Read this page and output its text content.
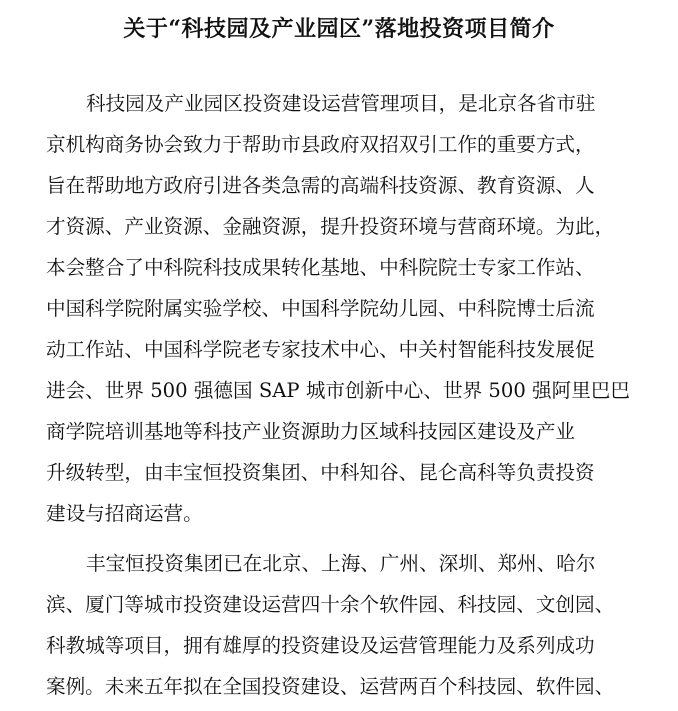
关于“科技园及产业园区”落地投资项目简介
科技园及产业园区投资建设运营管理项目，是北京各省市驻
京机构商务协会致力于帮助市县政府双招双引工作的重要方式，
旨在帮助地方政府引进各类急需的高端科技资源、教育资源、人
才资源、产业资源、金融资源，提升投资环境与营商环境。为此，
本会整合了中科院科技成果转化基地、中科院院士专家工作站、
中国科学院附属实验学校、中国科学院幼儿园、中科院博士后流
动工作站、中国科学院老专家技术中心、中关村智能科技发展促
进会、世界 500 强德国 SAP 城市创新中心、世界 500 强阿里巴巴
商学院培训基地等科技产业资源助力区域科技园区建设及产业
升级转型，由丰宝恒投资集团、中科知谷、昆仑高科等负责投资
建设与招商运营。
丰宝恒投资集团已在北京、上海、广州、深圳、郑州、哈尔
滨、厦门等城市投资建设运营四十余个软件园、科技园、文创园、
科教城等项目，拥有雄厚的投资建设及运营管理能力及系列成功
案例。未来五年拟在全国投资建设、运营两百个科技园、软件园、
